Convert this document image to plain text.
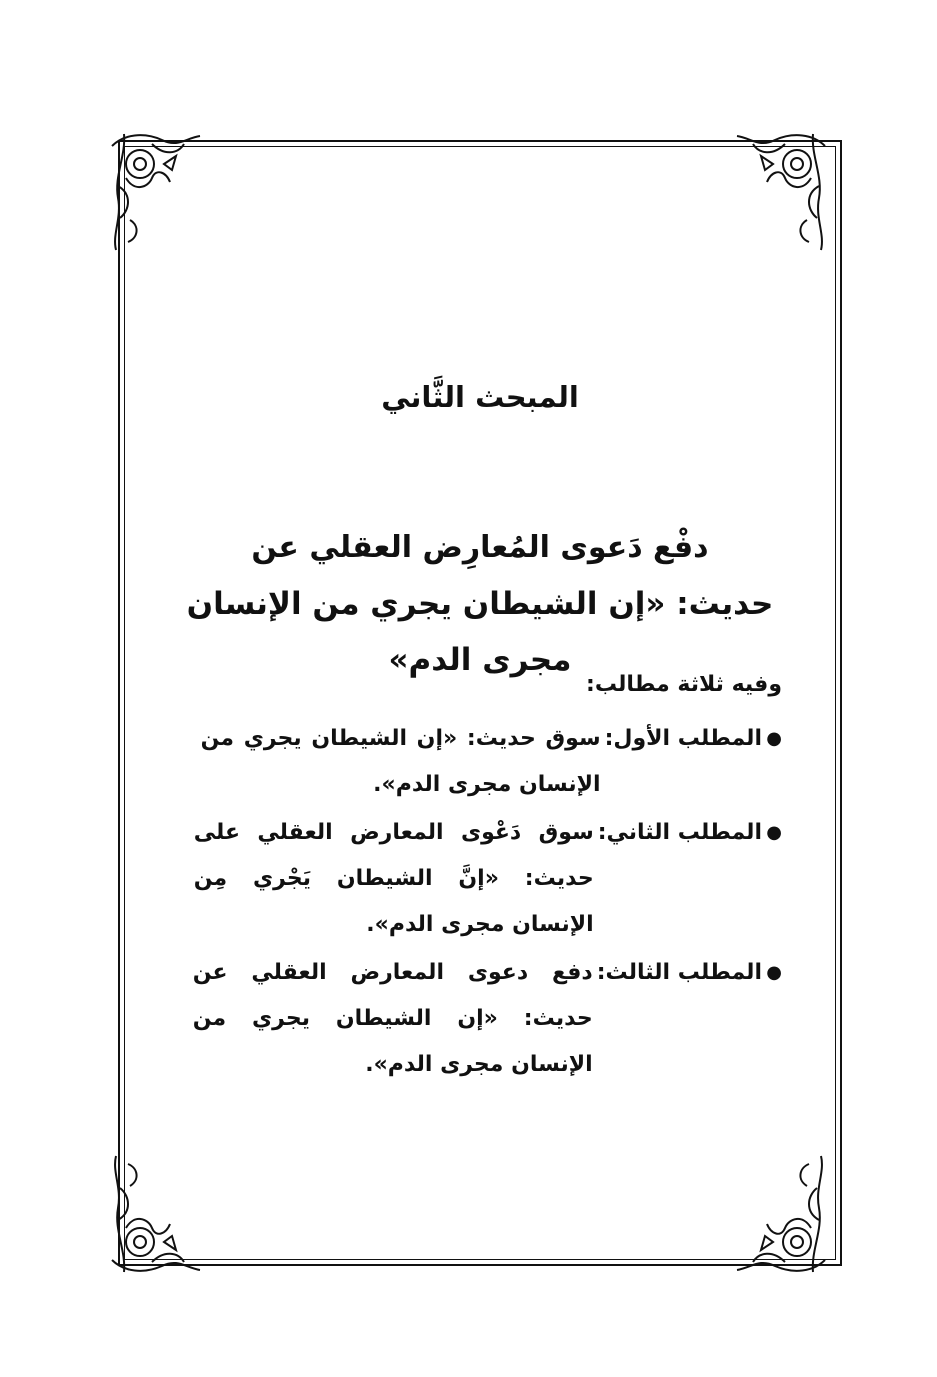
المبحث الثَّاني
دفْع دَعوى المُعارِض العقلي عن
حديث: «إن الشيطان يجري من الإنسان مجرى الدم»
وفيه ثلاثة مطالب:
●
المطلب الأول:
سوق حديث: «إن الشيطان يجري من الإنسان مجرى الدم».
●
المطلب الثاني:
سوق دَعْوى المعارض العقلي على حديث: «إنَّ الشيطان يَجْري مِن الإنسان مجرى الدم».
●
المطلب الثالث:
دفع دعوى المعارض العقلي عن حديث: «إن الشيطان يجري من الإنسان مجرى الدم».
